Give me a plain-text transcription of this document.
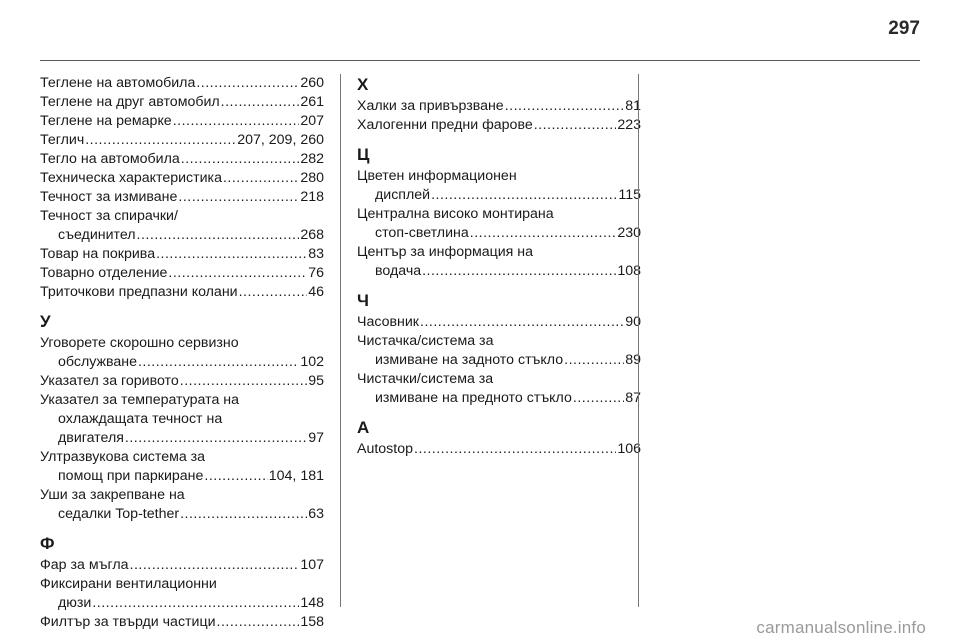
297
Теглене на автомобила .....	260
Теглене на друг автомобил .....	261
Теглене на ремарке .....	207
Теглич .....	207, 209, 260
Тегло на автомобила .....	282
Техническа характеристика .....	280
Течност за измиване .....	218
Течност за спирачки/
съединител .....	268
Товар на покрива .....	83
Товарно отделение .....	76
Триточкови предпазни колани .....	46
У
Уговорете скорошно сервизно
обслужване .....	102
Указател за горивото .....	95
Указател за температурата на
охлаждащата течност на
двигателя .....	97
Ултразвукова система за
помощ при паркиране .....	104, 181
Уши за закрепване на
седалки Top-tether .....	63
Ф
Фар за мъгла .....	107
Фиксирани вентилационни
дюзи .....	148
Филтър за твърди частици .....	158
Х
Халки за привързване .....	81
Халогенни предни фарове .....	223
Ц
Цветен информационен
дисплей .....	115
Централна високо монтирана
стоп-светлина .....	230
Център за информация на
водача .....	108
Ч
Часовник .....	90
Чистачка/система за
измиване на задното стъкло .....	89
Чистачки/система за
измиване на предното стъкло .....	87
A
Autostop .....	106
carmanualsonline.info
